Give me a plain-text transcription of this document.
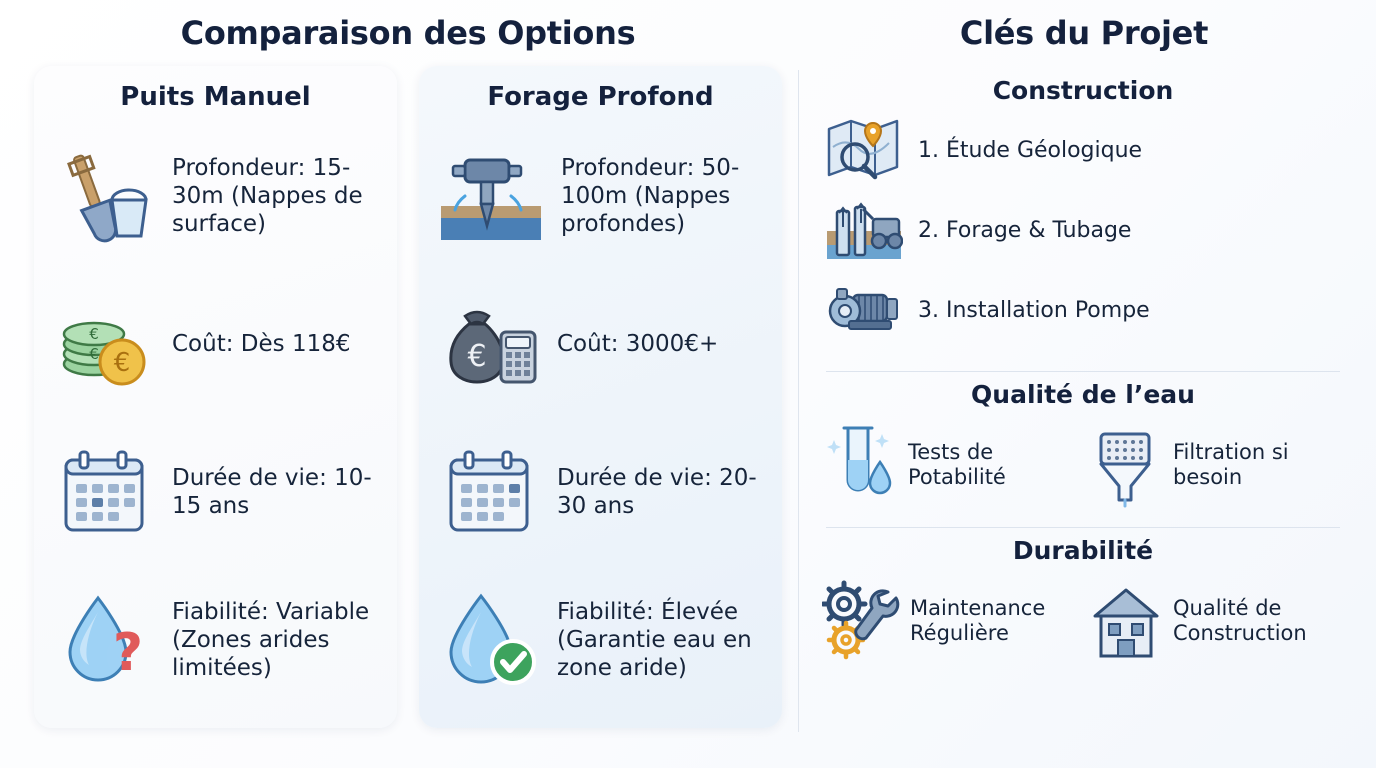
Comparaison des Options
Puits Manuel
Profondeur: 15-30m (Nappes de surface)
€
€ €
Coût: Dès 118€
Durée de vie: 10-15 ans
?
Fiabilité: Variable (Zones arides limitées)
Forage Profond
Profondeur: 50-100m (Nappes profondes)
€	Coût: 3000€+
Durée de vie: 20-30 ans
Fiabilité: Élevée (Garantie eau en zone aride)
Clés du Projet
Construction
1. Étude Géologique
2. Forage & Tubage
3. Installation Pompe
Qualité de l’eau
Tests de Potabilité
Filtration si besoin
Durabilité
Maintenance Régulière
Qualité de Construction
